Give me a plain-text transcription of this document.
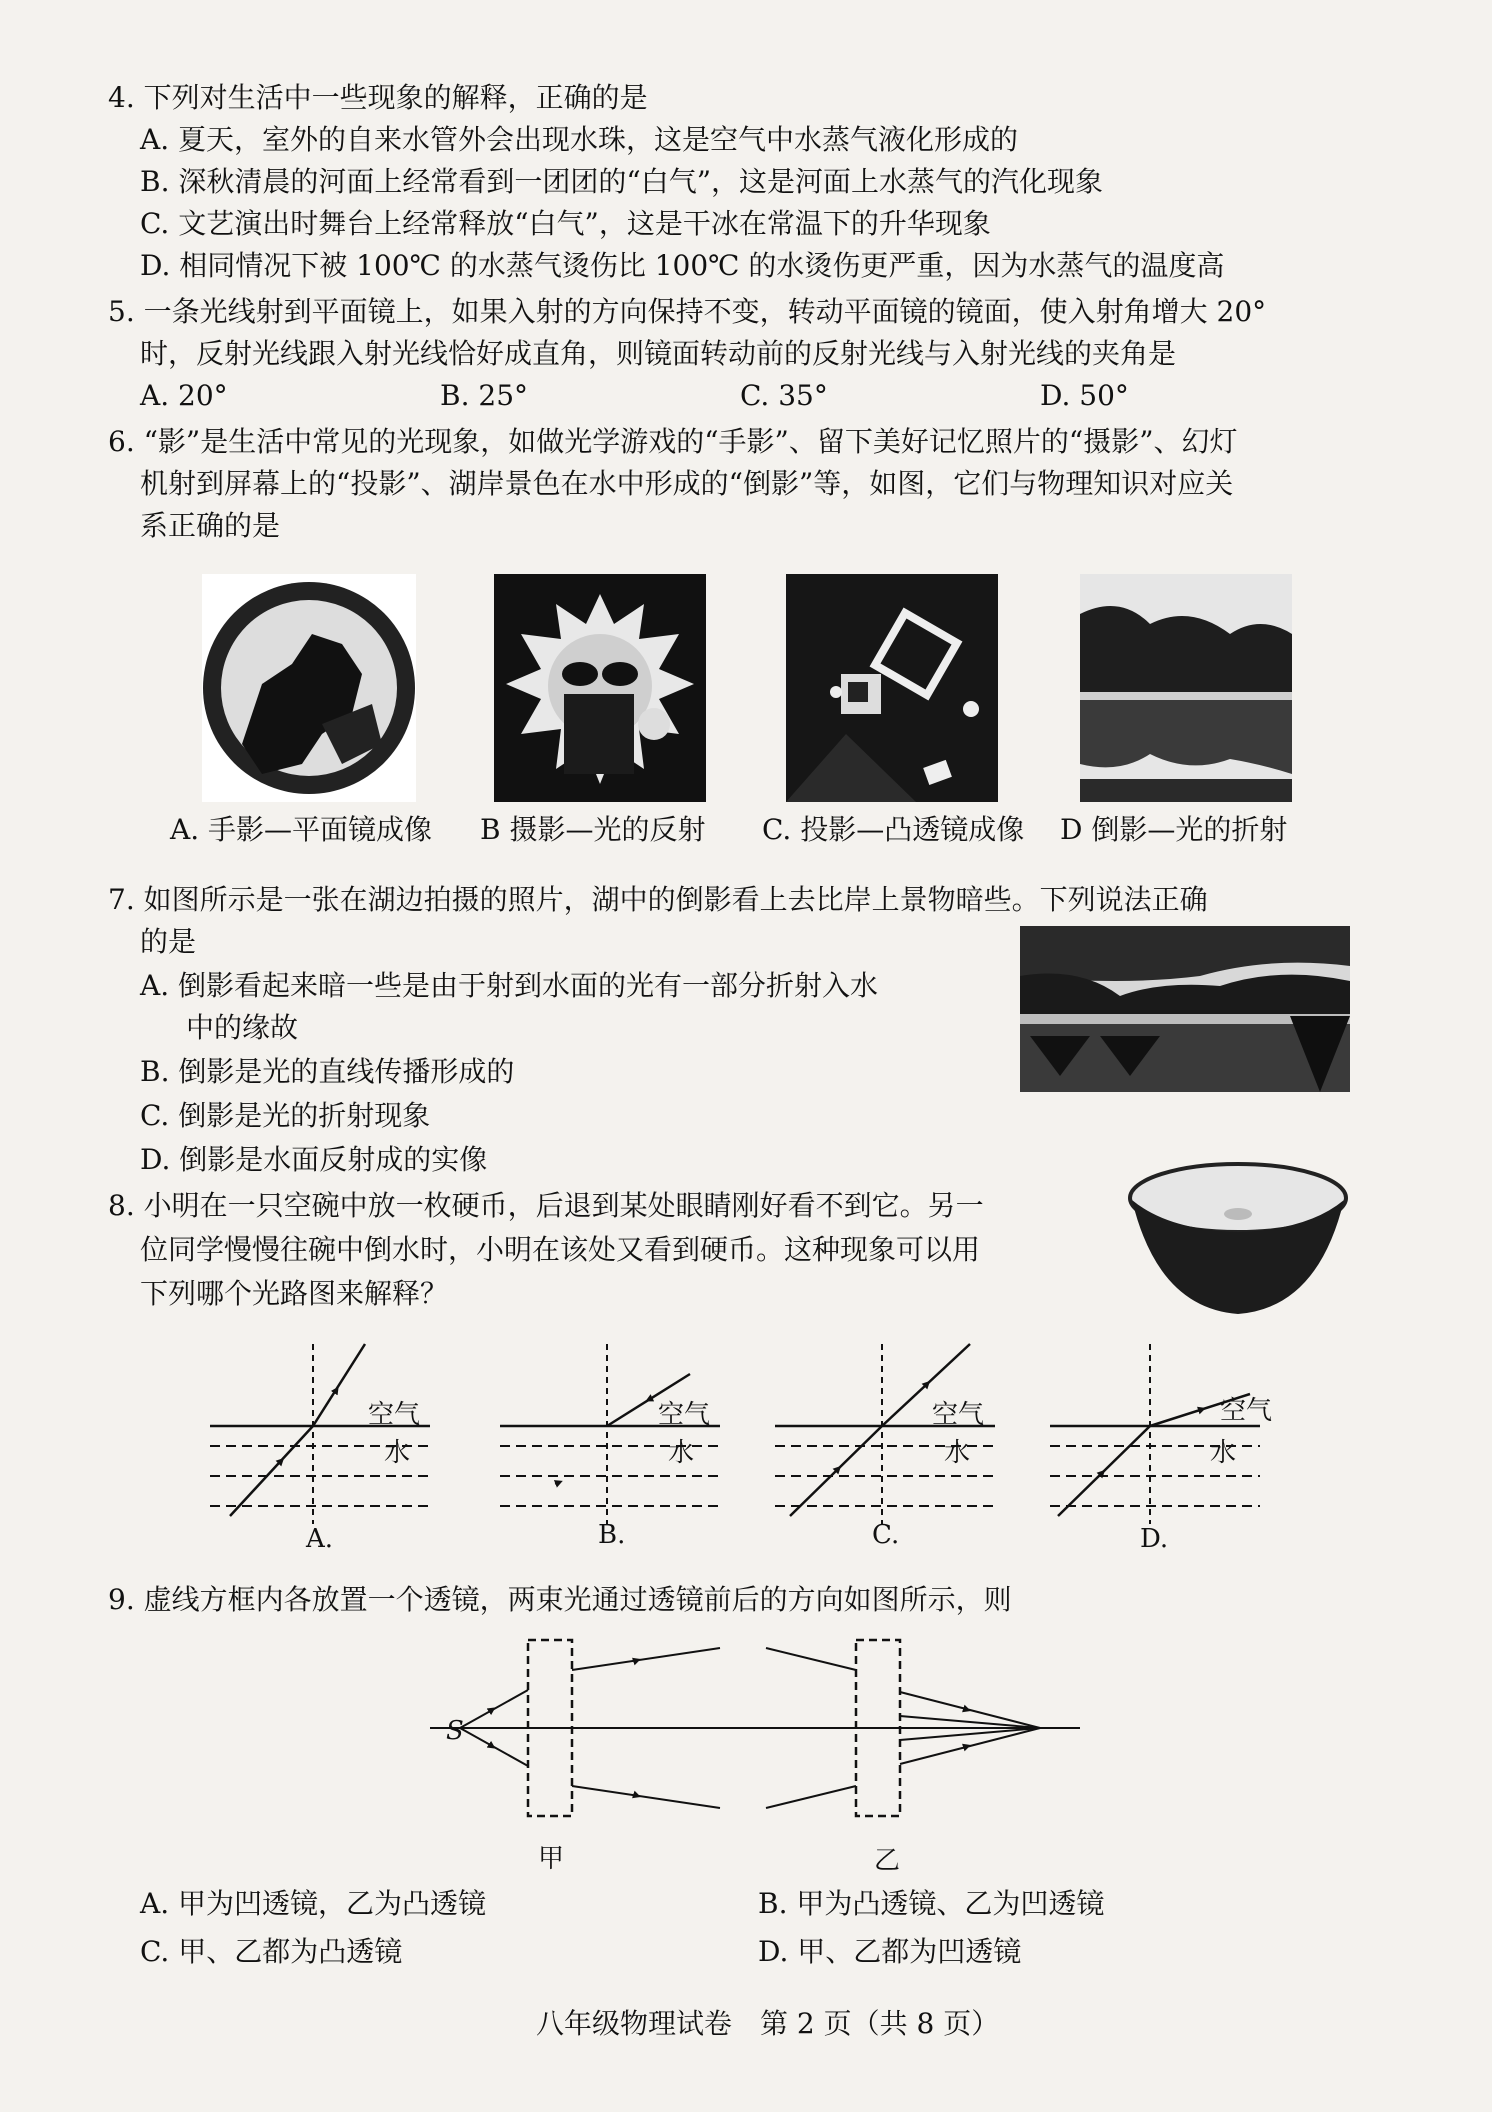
4. 下列对生活中一些现象的解释，正确的是
A. 夏天，室外的自来水管外会出现水珠，这是空气中水蒸气液化形成的
B. 深秋清晨的河面上经常看到一团团的“白气”，这是河面上水蒸气的汽化现象
C. 文艺演出时舞台上经常释放“白气”，这是干冰在常温下的升华现象
D. 相同情况下被 100℃ 的水蒸气烫伤比 100℃ 的水烫伤更严重，因为水蒸气的温度高
5. 一条光线射到平面镜上，如果入射的方向保持不变，转动平面镜的镜面，使入射角增大 20°
时，反射光线跟入射光线恰好成直角，则镜面转动前的反射光线与入射光线的夹角是
A. 20°	B. 25°	C. 35°	D. 50°
6. “影”是生活中常见的光现象，如做光学游戏的“手影”、留下美好记忆照片的“摄影”、幻灯
机射到屏幕上的“投影”、湖岸景色在水中形成的“倒影”等，如图，它们与物理知识对应关
系正确的是
A. 手影—平面镜成像 B 摄影—光的反射 C. 投影—凸透镜成像 D 倒影—光的折射
7. 如图所示是一张在湖边拍摄的照片，湖中的倒影看上去比岸上景物暗些。下列说法正确
的是
A. 倒影看起来暗一些是由于射到水面的光有一部分折射入水
中的缘故
B. 倒影是光的直线传播形成的
C. 倒影是光的折射现象
D. 倒影是水面反射成的实像
8. 小明在一只空碗中放一枚硬币，后退到某处眼睛刚好看不到它。另一
位同学慢慢往碗中倒水时，小明在该处又看到硬币。这种现象可以用
下列哪个光路图来解释？
空气
水
空气
水
空气
水
空气
水
A.	B.	C.	D.
9. 虚线方框内各放置一个透镜，两束光通过透镜前后的方向如图所示，则
S
甲	乙
A. 甲为凹透镜，乙为凸透镜	B. 甲为凸透镜、乙为凹透镜
C. 甲、乙都为凸透镜	D. 甲、乙都为凹透镜
八年级物理试卷　第 2 页（共 8 页）
